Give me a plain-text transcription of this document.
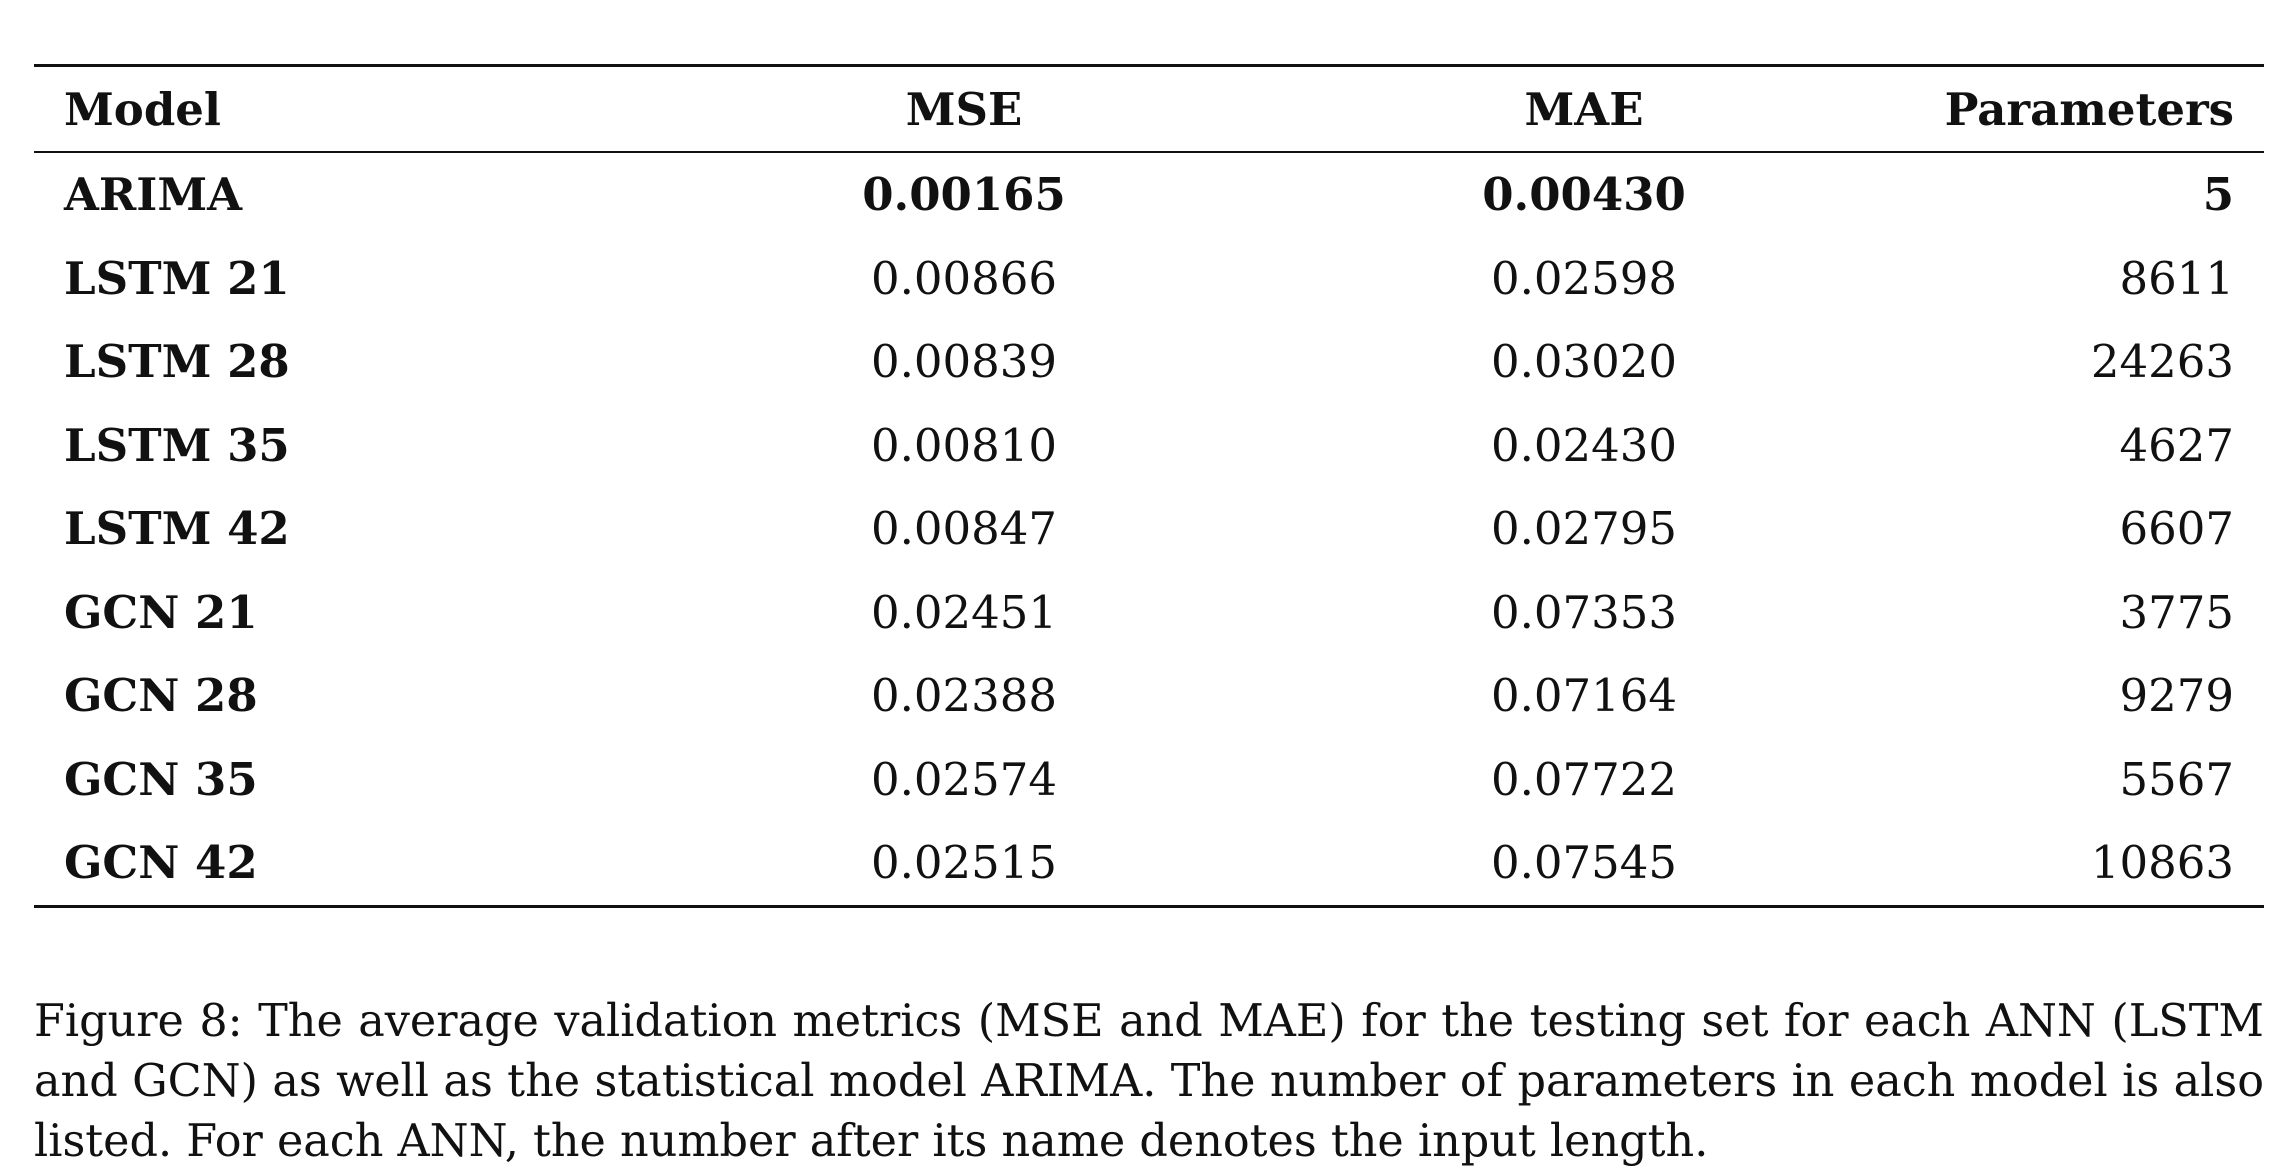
Model	MSE	MAE	Parameters
ARIMA	0.00165	0.00430	5
LSTM 21	0.00866	0.02598	8611
LSTM 28	0.00839	0.03020	24263
LSTM 35	0.00810	0.02430	4627
LSTM 42	0.00847	0.02795	6607
GCN 21	0.02451	0.07353	3775
GCN 28	0.02388	0.07164	9279
GCN 35	0.02574	0.07722	5567
GCN 42	0.02515	0.07545	10863

Figure 8: The average validation metrics (MSE and MAE) for the testing set for each ANN (LSTM and GCN) as well as the statistical model ARIMA. The number of parameters in each model is also listed. For each ANN, the number after its name denotes the input length.
